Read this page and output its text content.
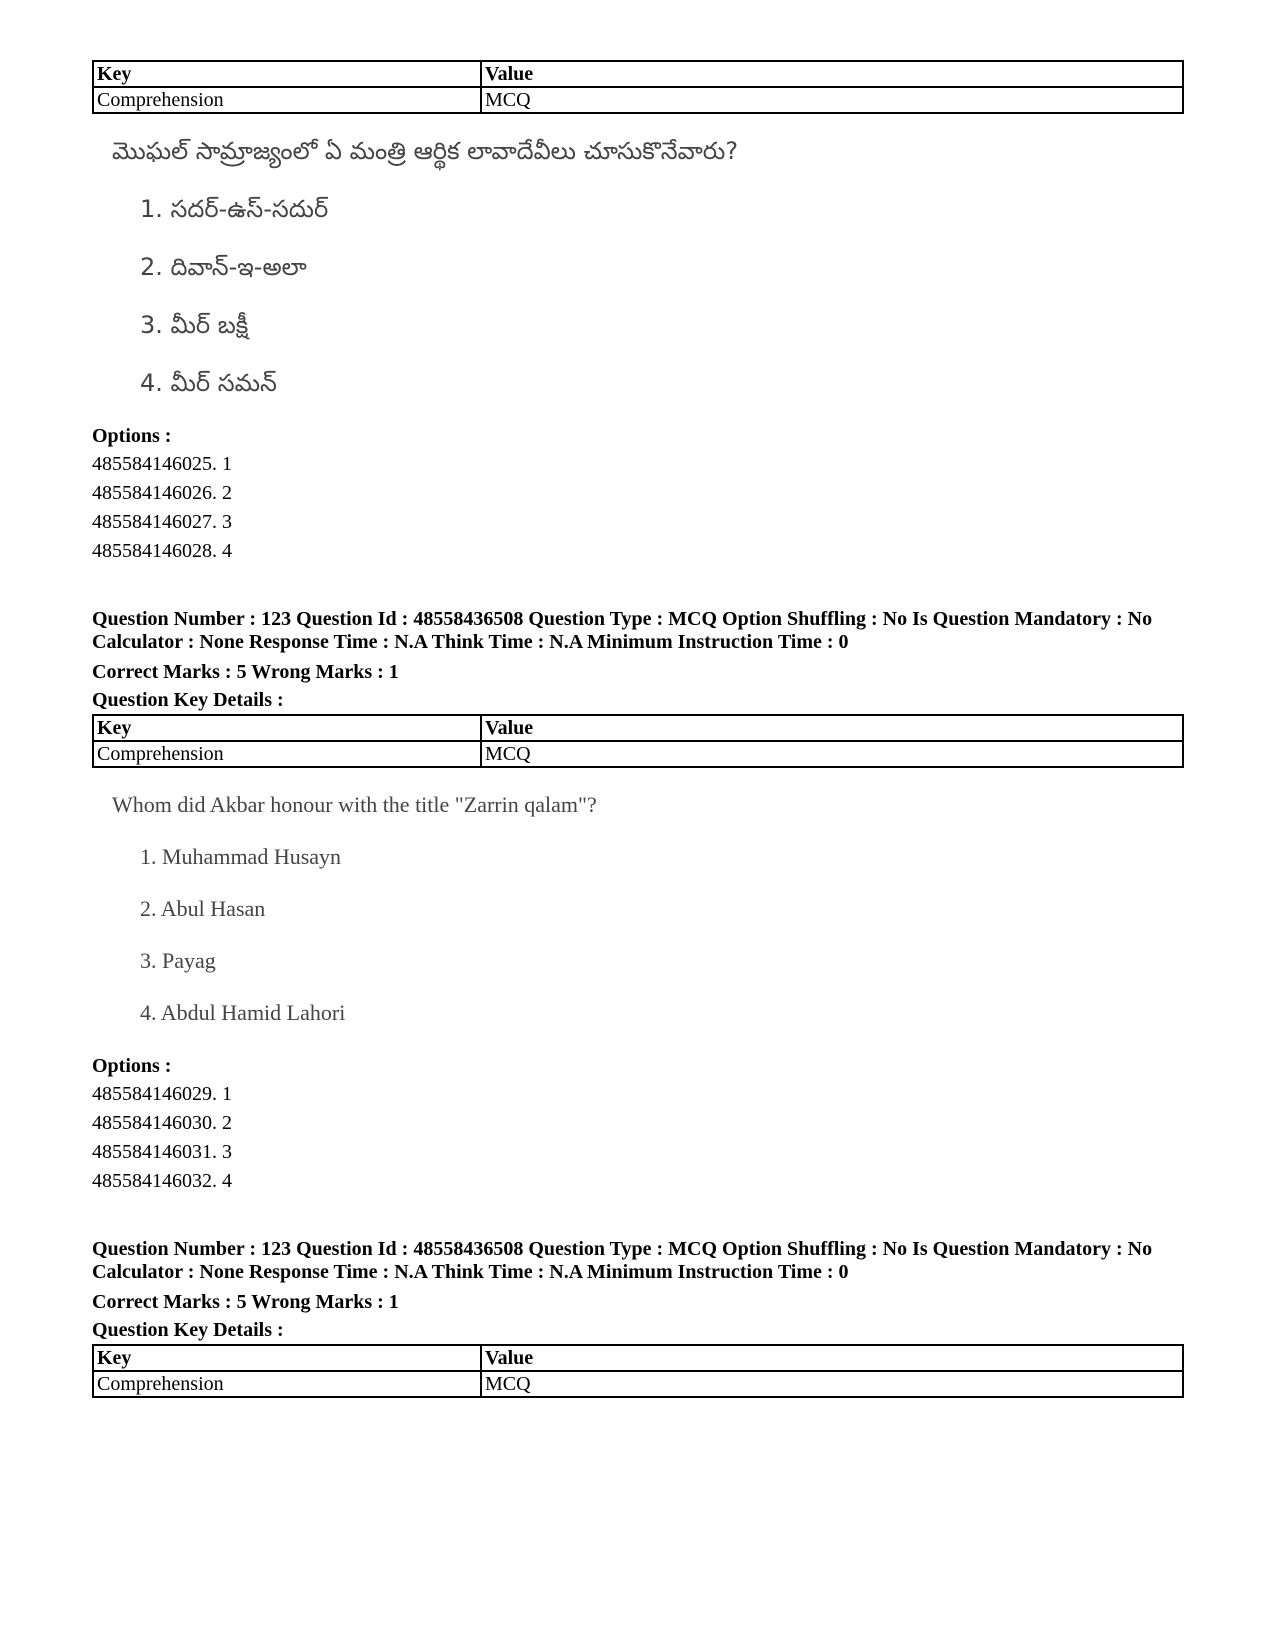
Key	Value
Comprehension	MCQ
మొఘల్ సామ్రాజ్యంలో ఏ మంత్రి ఆర్థిక లావాదేవీలు చూసుకొనేవారు?
1. సదర్-ఉస్-సదుర్
2. దివాన్-ఇ-అలా
3. మీర్ బక్షీ
4. మీర్ సమన్
Options :
485584146025. 1
485584146026. 2
485584146027. 3
485584146028. 4
Question Number : 123 Question Id : 48558436508 Question Type : MCQ Option Shuffling : No Is Question Mandatory : No Calculator : None Response Time : N.A Think Time : N.A Minimum Instruction Time : 0
Correct Marks : 5 Wrong Marks : 1
Question Key Details :
Key	Value
Comprehension	MCQ
Whom did Akbar honour with the title "Zarrin qalam"?
1. Muhammad Husayn
2. Abul Hasan
3. Payag
4. Abdul Hamid Lahori
Options :
485584146029. 1
485584146030. 2
485584146031. 3
485584146032. 4
Question Number : 123 Question Id : 48558436508 Question Type : MCQ Option Shuffling : No Is Question Mandatory : No Calculator : None Response Time : N.A Think Time : N.A Minimum Instruction Time : 0
Correct Marks : 5 Wrong Marks : 1
Question Key Details :
Key	Value
Comprehension	MCQ
